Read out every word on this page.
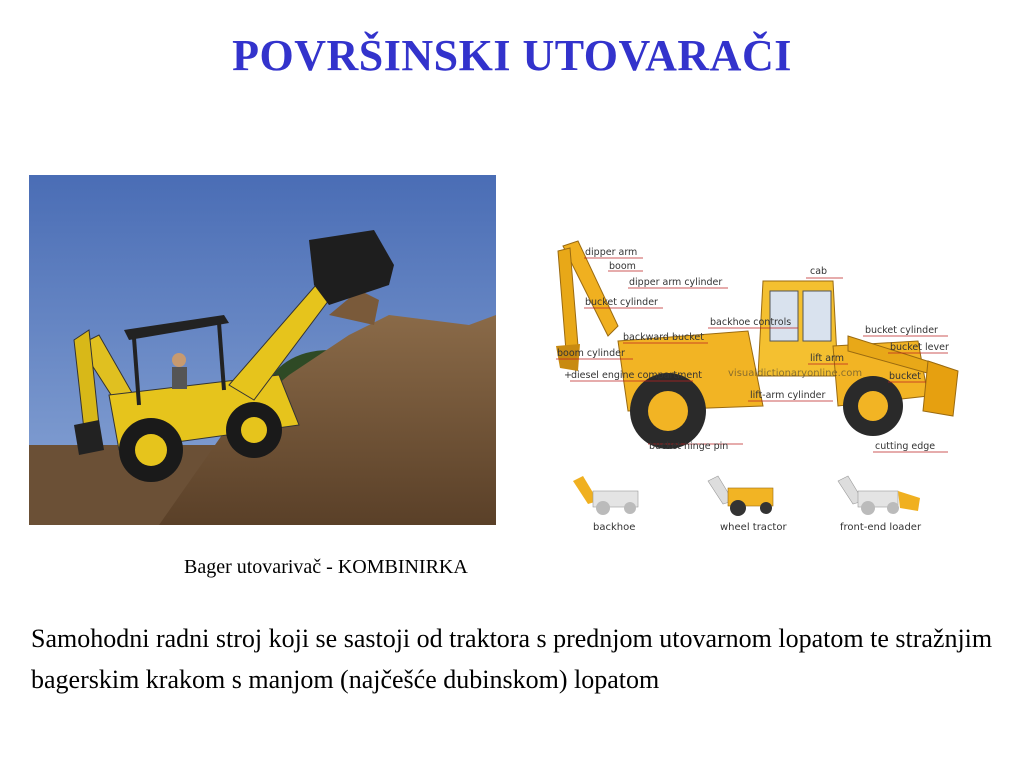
POVRŠINSKI UTOVARAČI
visualdictionaryonline.com
dipper arm
boom
dipper arm cylinder
cab
bucket cylinder
backhoe controls
bucket cylinder
backward bucket
bucket lever
boom cylinder	lift arm
+ diesel engine compartment	bucket
lift-arm cylinder
bucket hinge pin	cutting edge
backhoe	wheel tractor	front-end loader
Bager utovarivač - KOMBINIRKA
Samohodni radni stroj koji se sastoji od traktora s prednjom utovarnom lopatom te stražnjim bagerskim krakom s manjom (najčešće dubinskom) lopatom
